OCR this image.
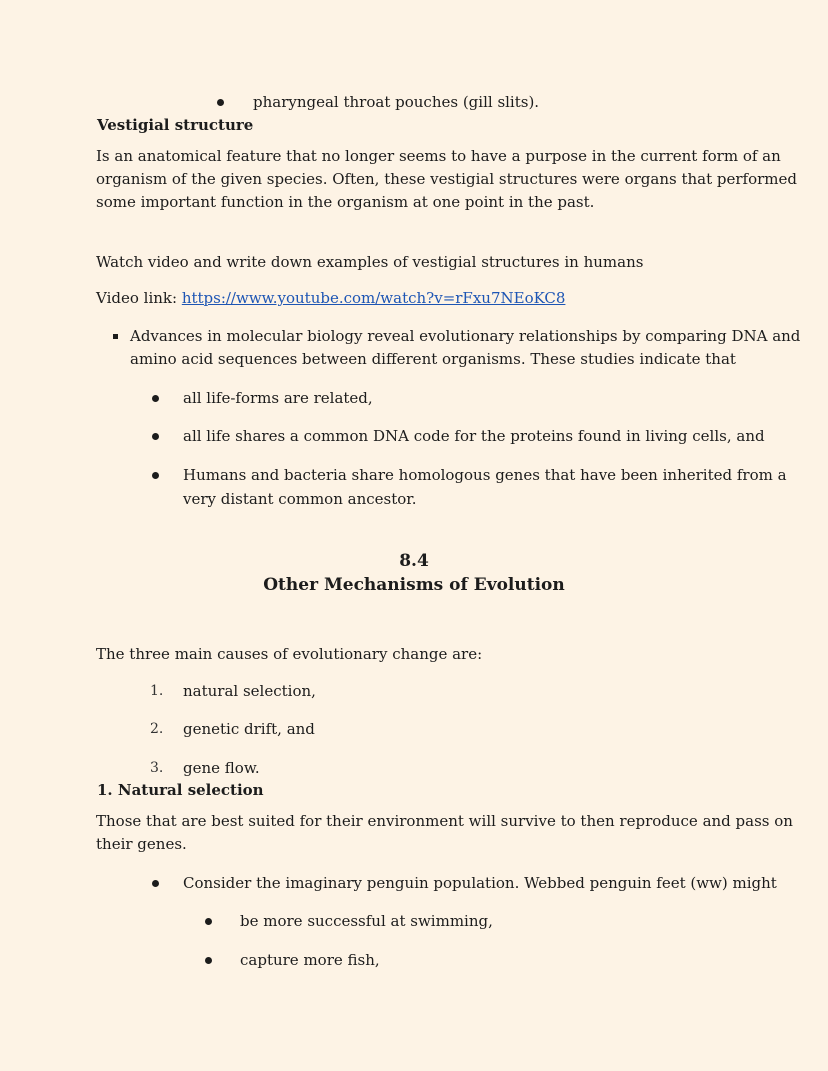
pharyngeal throat pouches (gill slits).
Vestigial structure
Is an anatomical feature that no longer seems to have a purpose in the current form of an
organism of the given species. Often, these vestigial structures were organs that performed
some important function in the organism at one point in the past.
Watch video and write down examples of vestigial structures in humans
Video link: https://www.youtube.com/watch?v=rFxu7NEoKC8
Advances in molecular biology reveal evolutionary relationships by comparing DNA and
amino acid sequences between different organisms. These studies indicate that
all life-forms are related,
all life shares a common DNA code for the proteins found in living cells, and
Humans and bacteria share homologous genes that have been inherited from a
very distant common ancestor.
8.4
Other Mechanisms of Evolution
The three main causes of evolutionary change are:
1. natural selection,
2. genetic drift, and
3. gene flow.
1. Natural selection
Those that are best suited for their environment will survive to then reproduce and pass on
their genes.
Consider the imaginary penguin population. Webbed penguin feet (ww) might
be more successful at swimming,
capture more fish,
